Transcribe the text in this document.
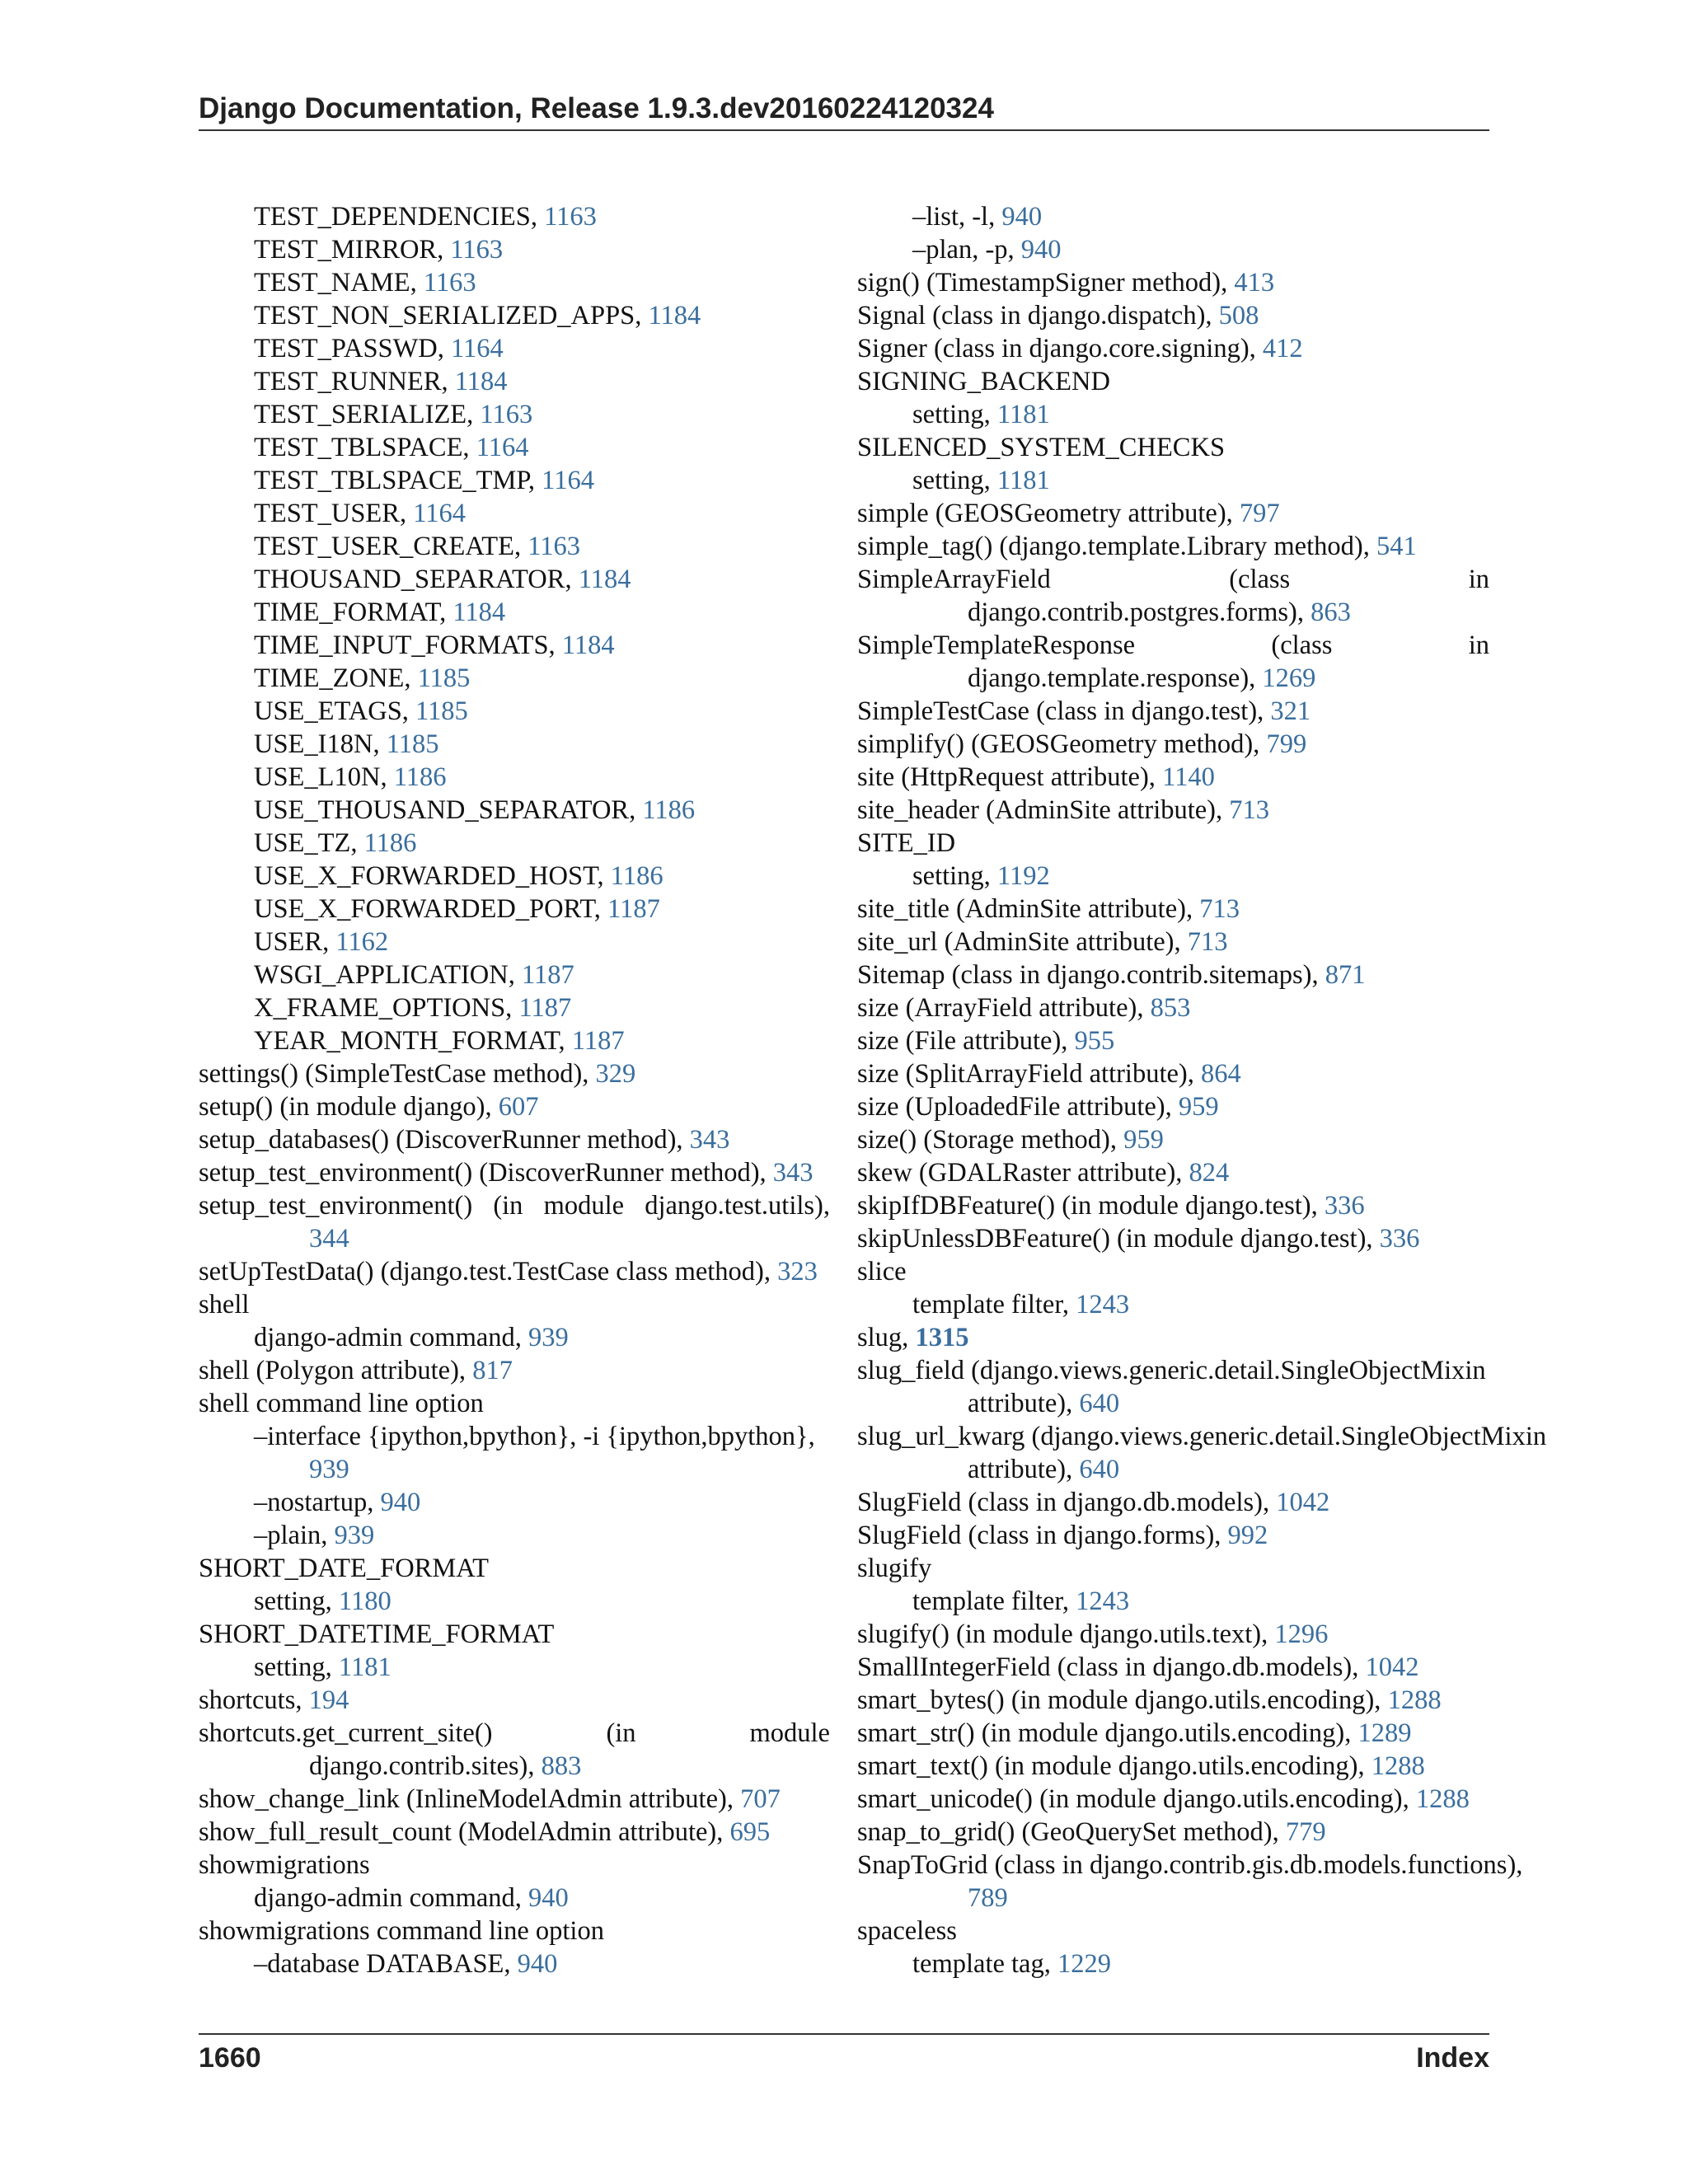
Django Documentation, Release 1.9.3.dev20160224120324
TEST_DEPENDENCIES, 1163
TEST_MIRROR, 1163
TEST_NAME, 1163
TEST_NON_SERIALIZED_APPS, 1184
TEST_PASSWD, 1164
TEST_RUNNER, 1184
TEST_SERIALIZE, 1163
TEST_TBLSPACE, 1164
TEST_TBLSPACE_TMP, 1164
TEST_USER, 1164
TEST_USER_CREATE, 1163
THOUSAND_SEPARATOR, 1184
TIME_FORMAT, 1184
TIME_INPUT_FORMATS, 1184
TIME_ZONE, 1185
USE_ETAGS, 1185
USE_I18N, 1185
USE_L10N, 1186
USE_THOUSAND_SEPARATOR, 1186
USE_TZ, 1186
USE_X_FORWARDED_HOST, 1186
USE_X_FORWARDED_PORT, 1187
USER, 1162
WSGI_APPLICATION, 1187
X_FRAME_OPTIONS, 1187
YEAR_MONTH_FORMAT, 1187
settings() (SimpleTestCase method), 329
setup() (in module django), 607
setup_databases() (DiscoverRunner method), 343
setup_test_environment() (DiscoverRunner method), 343
setup_test_environment() (in module django.test.utils),
344
setUpTestData() (django.test.TestCase class method), 323
shell
django-admin command, 939
shell (Polygon attribute), 817
shell command line option
–interface {ipython,bpython}, -i {ipython,bpython},
939
–nostartup, 940
–plain, 939
SHORT_DATE_FORMAT
setting, 1180
SHORT_DATETIME_FORMAT
setting, 1181
shortcuts, 194
shortcuts.get_current_site()	(in	module
django.contrib.sites), 883
show_change_link (InlineModelAdmin attribute), 707
show_full_result_count (ModelAdmin attribute), 695
showmigrations
django-admin command, 940
showmigrations command line option
–database DATABASE, 940
–list, -l, 940
–plan, -p, 940
sign() (TimestampSigner method), 413
Signal (class in django.dispatch), 508
Signer (class in django.core.signing), 412
SIGNING_BACKEND
setting, 1181
SILENCED_SYSTEM_CHECKS
setting, 1181
simple (GEOSGeometry attribute), 797
simple_tag() (django.template.Library method), 541
SimpleArrayField	(class	in
django.contrib.postgres.forms), 863
SimpleTemplateResponse	(class	in
django.template.response), 1269
SimpleTestCase (class in django.test), 321
simplify() (GEOSGeometry method), 799
site (HttpRequest attribute), 1140
site_header (AdminSite attribute), 713
SITE_ID
setting, 1192
site_title (AdminSite attribute), 713
site_url (AdminSite attribute), 713
Sitemap (class in django.contrib.sitemaps), 871
size (ArrayField attribute), 853
size (File attribute), 955
size (SplitArrayField attribute), 864
size (UploadedFile attribute), 959
size() (Storage method), 959
skew (GDALRaster attribute), 824
skipIfDBFeature() (in module django.test), 336
skipUnlessDBFeature() (in module django.test), 336
slice
template filter, 1243
slug, 1315
slug_field (django.views.generic.detail.SingleObjectMixin
attribute), 640
slug_url_kwarg (django.views.generic.detail.SingleObjectMixin
attribute), 640
SlugField (class in django.db.models), 1042
SlugField (class in django.forms), 992
slugify
template filter, 1243
slugify() (in module django.utils.text), 1296
SmallIntegerField (class in django.db.models), 1042
smart_bytes() (in module django.utils.encoding), 1288
smart_str() (in module django.utils.encoding), 1289
smart_text() (in module django.utils.encoding), 1288
smart_unicode() (in module django.utils.encoding), 1288
snap_to_grid() (GeoQuerySet method), 779
SnapToGrid (class in django.contrib.gis.db.models.functions),
789
spaceless
template tag, 1229
1660	Index
